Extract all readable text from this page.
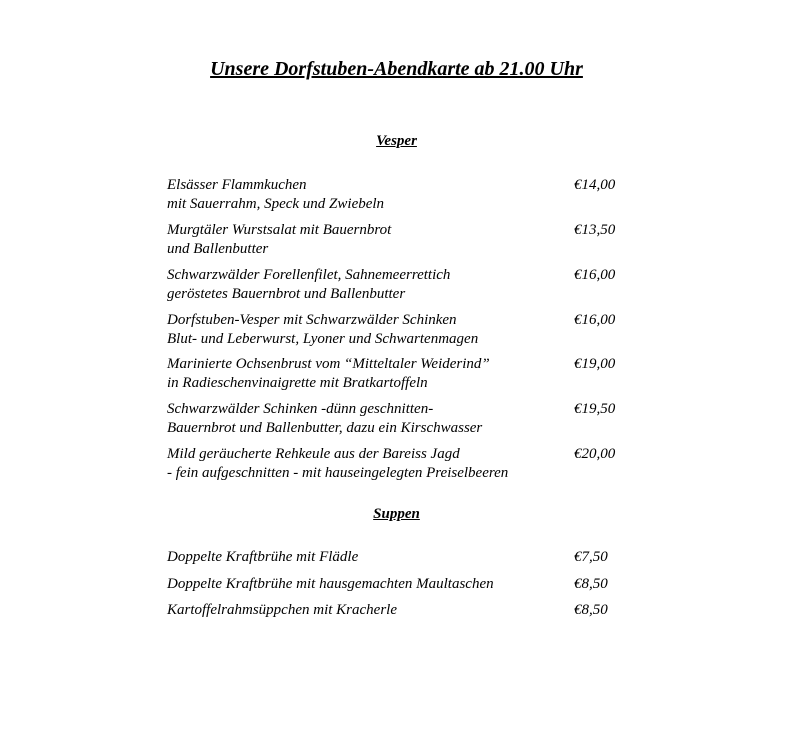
Unsere Dorfstuben-Abendkarte ab 21.00 Uhr
Vesper
Elsässer Flammkuchen
mit Sauerrahm, Speck und Zwiebeln
€14,00
Murgtäler Wurstsalat mit Bauernbrot
und Ballenbutter
€13,50
Schwarzwälder Forellenfilet, Sahnemeerrettich
geröstetes Bauernbrot und Ballenbutter
€16,00
Dorfstuben-Vesper mit Schwarzwälder Schinken
Blut- und Leberwurst, Lyoner und Schwartenmagen
€16,00
Marinierte Ochsenbrust vom “Mitteltaler Weiderind”
in Radieschenvinaigrette mit Bratkartoffeln
€19,00
Schwarzwälder Schinken -dünn geschnitten-
Bauernbrot und Ballenbutter, dazu ein Kirschwasser
€19,50
Mild geräucherte Rehkeule aus der Bareiss Jagd
- fein aufgeschnitten - mit hauseingelegten Preiselbeeren
€20,00
Suppen
Doppelte Kraftbrühe mit Flädle	€7,50
Doppelte Kraftbrühe mit hausgemachten Maultaschen	€8,50
Kartoffelrahmsüppchen mit Kracherle	€8,50
